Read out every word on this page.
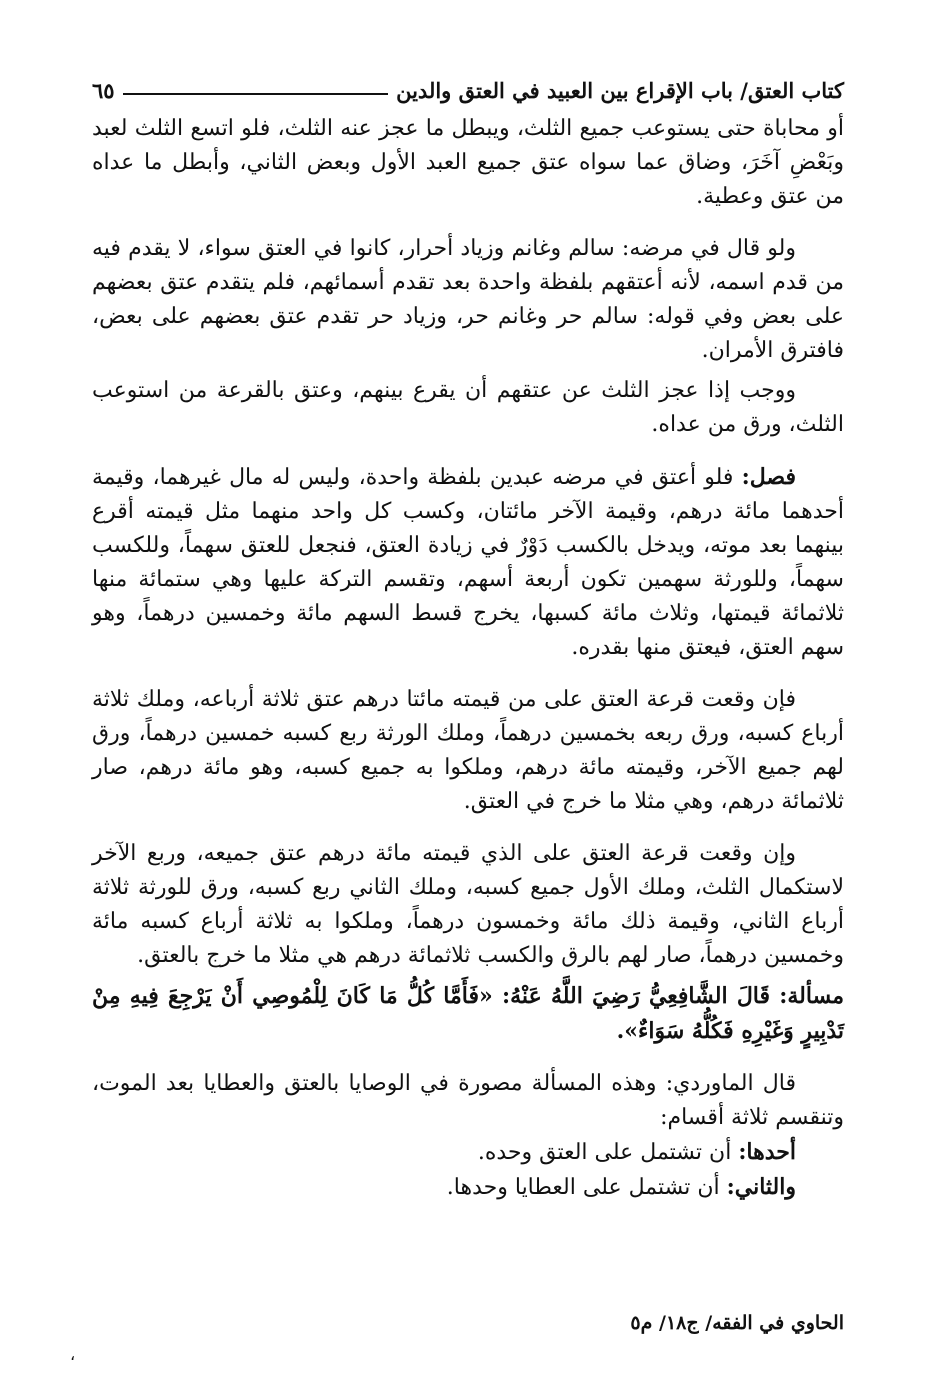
كتاب العتق/ باب الإقراع بين العبيد في العتق والدين
٦٥

أو محاباة حتى يستوعب جميع الثلث، ويبطل ما عجز عنه الثلث، فلو اتسع الثلث لعبد وبَعْضِ آخَرَ، وضاق عما سواه عتق جميع العبد الأول وبعض الثاني، وأبطل ما عداه من عتق وعطية.

ولو قال في مرضه: سالم وغانم وزياد أحرار، كانوا في العتق سواء، لا يقدم فيه من قدم اسمه، لأنه أعتقهم بلفظة واحدة بعد تقدم أسمائهم، فلم يتقدم عتق بعضهم على بعض وفي قوله: سالم حر وغانم حر، وزياد حر تقدم عتق بعضهم على بعض، فافترق الأمران.

ووجب إذا عجز الثلث عن عتقهم أن يقرع بينهم، وعتق بالقرعة من استوعب الثلث، ورق من عداه.

فصل: فلو أعتق في مرضه عبدين بلفظة واحدة، وليس له مال غيرهما، وقيمة أحدهما مائة درهم، وقيمة الآخر مائتان، وكسب كل واحد منهما مثل قيمته أقرع بينهما بعد موته، ويدخل بالكسب دَوْرٌ في زيادة العتق، فنجعل للعتق سهماً، وللكسب سهماً، وللورثة سهمين تكون أربعة أسهم، وتقسم التركة عليها وهي ستمائة منها ثلاثمائة قيمتها، وثلاث مائة كسبها، يخرج قسط السهم مائة وخمسين درهماً، وهو سهم العتق، فيعتق منها بقدره.

فإن وقعت قرعة العتق على من قيمته مائتا درهم عتق ثلاثة أرباعه، وملك ثلاثة أرباع كسبه، ورق ربعه بخمسين درهماً، وملك الورثة ربع كسبه خمسين درهماً، ورق لهم جميع الآخر، وقيمته مائة درهم، وملكوا به جميع كسبه، وهو مائة درهم، صار ثلاثمائة درهم، وهي مثلا ما خرج في العتق.

وإن وقعت قرعة العتق على الذي قيمته مائة درهم عتق جميعه، وربع الآخر لاستكمال الثلث، وملك الأول جميع كسبه، وملك الثاني ربع كسبه، ورق للورثة ثلاثة أرباع الثاني، وقيمة ذلك مائة وخمسون درهماً، وملكوا به ثلاثة أرباع كسبه مائة وخمسين درهماً، صار لهم بالرق والكسب ثلاثمائة درهم هي مثلا ما خرج بالعتق.

مسألة: قَالَ الشَّافِعِيُّ رَضِيَ اللَّهُ عَنْهُ: «فَأَمَّا كُلُّ مَا كَانَ لِلْمُوصِي أَنْ يَرْجِعَ فِيهِ مِنْ تَدْبِيرٍ وَغَيْرِهِ فَكُلُّهُ سَوَاءٌ».

قال الماوردي: وهذه المسألة مصورة في الوصايا بالعتق والعطايا بعد الموت، وتنقسم ثلاثة أقسام:

أحدها: أن تشتمل على العتق وحده.

والثاني: أن تشتمل على العطايا وحدها.

الحاوي في الفقه/ ج١٨/ م٥
،
